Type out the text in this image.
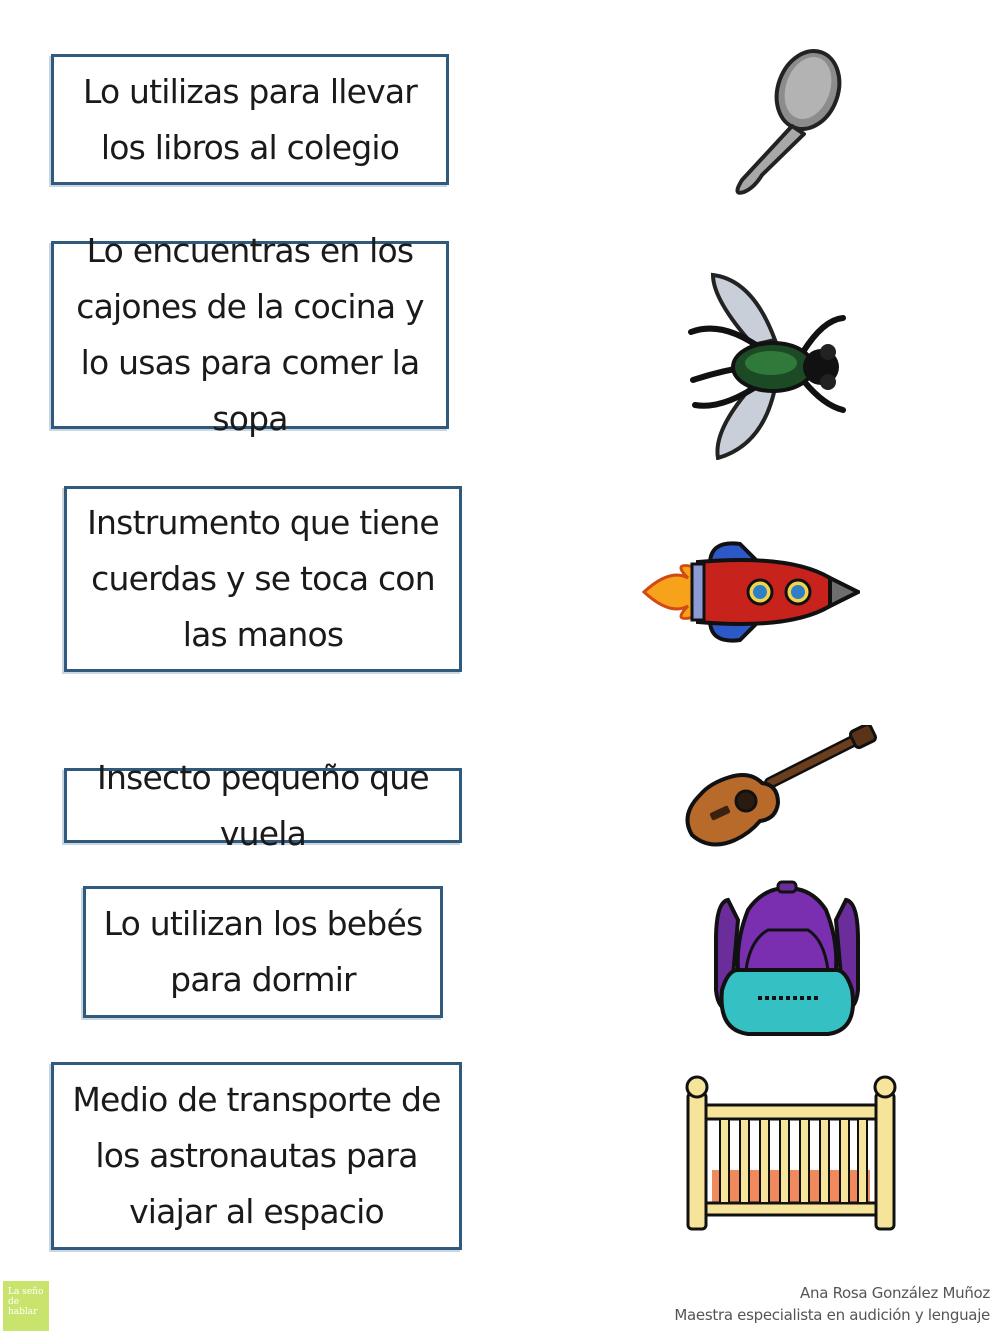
Lo utilizas para llevar los libros al colegio
Lo encuentras en los cajones de la cocina y lo usas para comer la sopa
Instrumento que tiene cuerdas y se toca con las manos
Insecto pequeño que vuela
Lo utilizan los bebés para dormir
Medio de transporte de los astronautas para viajar al espacio
La seño de hablar
Ana Rosa González Muñoz
Maestra especialista en audición y lenguaje
